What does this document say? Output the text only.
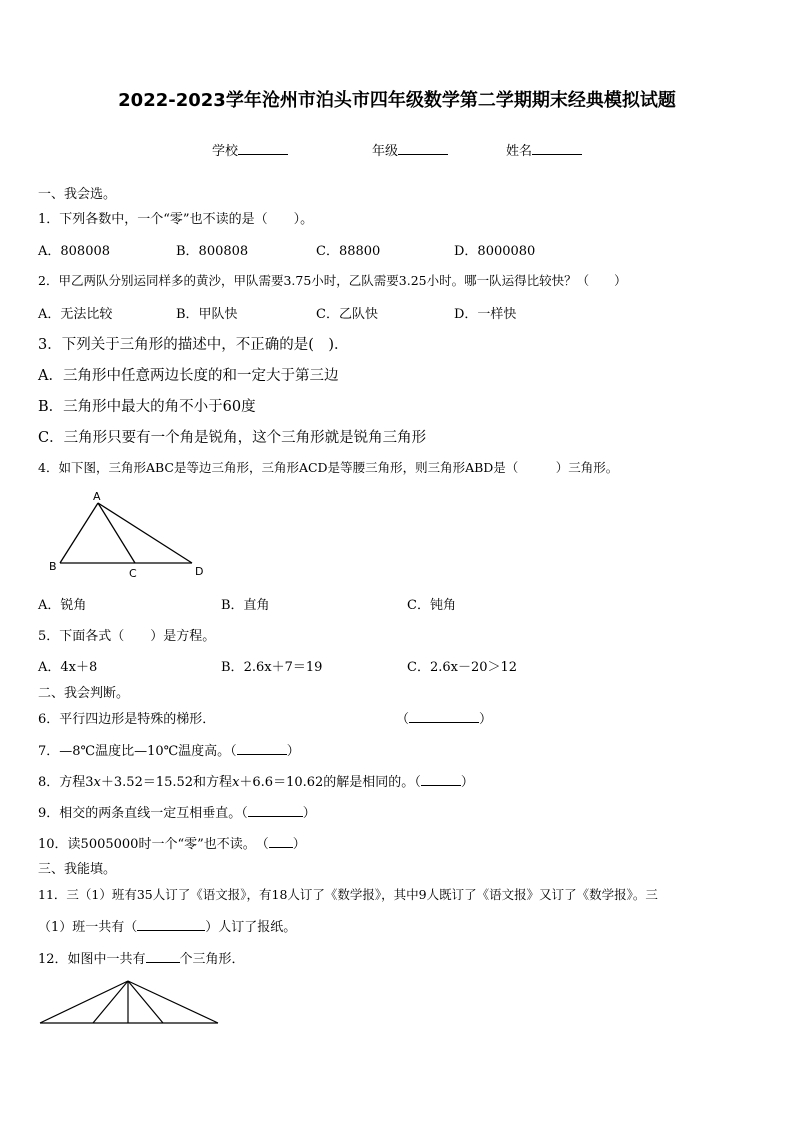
2022-2023学年沧州市泊头市四年级数学第二学期期末经典模拟试题
学校	年级	姓名
一、我会选。
1．下列各数中，一个“零”也不读的是（　　）。
A．808008	B．800808	C．88800	D．8000080
2．甲乙两队分别运同样多的黄沙，甲队需要3.75小时，乙队需要3.25小时。哪一队运得比较快？（　　）
A．无法比较	B．甲队快	C．乙队快	D．一样快
3．下列关于三角形的描述中，不正确的是(　)．
A．三角形中任意两边长度的和一定大于第三边
B．三角形中最大的角不小于60度
C．三角形只要有一个角是锐角，这个三角形就是锐角三角形
4．如下图，三角形ABC是等边三角形，三角形ACD是等腰三角形，则三角形ABD是（　　　）三角形。
A
B
C	D
A．锐角	B．直角	C．钝角
5．下面各式（　　）是方程。
A．4x＋8	B．2.6x＋7＝19	C．2.6x－20＞12
二、我会判断。
6．平行四边形是特殊的梯形．	（	）
7．—8℃温度比—10℃温度高。（	）
8．方程3x＋3.52＝15.52和方程x＋6.6＝10.62的解是相同的。（	）
9．相交的两条直线一定互相垂直。（	）
10．读5005000时一个“零”也不读。　（ ）
三、我能填。
11．三（1）班有35人订了《语文报》，有18人订了《数学报》，其中9人既订了《语文报》又订了《数学报》。三
（1）班一共有（	）人订了报纸。
12．如图中一共有	个三角形．
